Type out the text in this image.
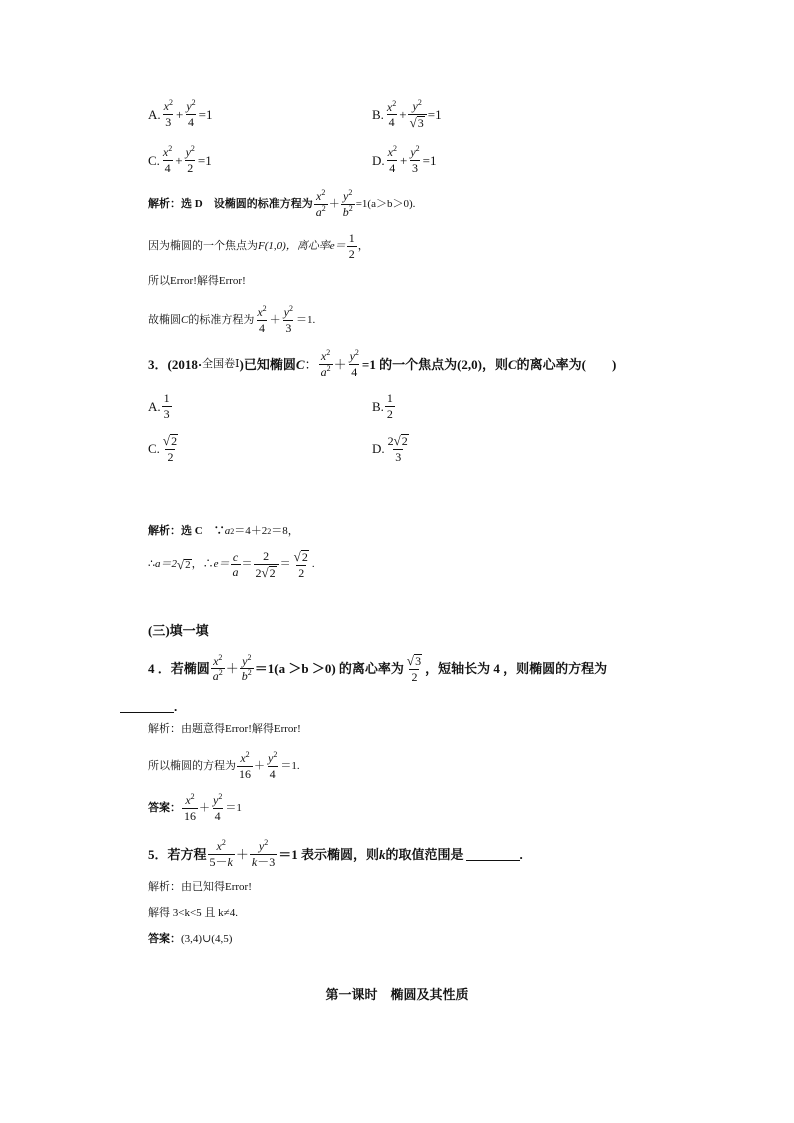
A. $\frac{x^2}{3} + \frac{y^2}{4} =1$	B. $\frac{x^2}{4} + \frac{y^2}{√ 3} =1$
C. $\frac{x^2}{4} + \frac{y^2}{2} =1$	D. $\frac{x^2}{4} + \frac{y^2}{3} =1$
解析：选 D　设椭圆的标准方程为 $\frac{x^2}{a^2} + \frac{y^2}{b^2} =1(a>b>0)$.
因为椭圆的一个焦点为 F(1,0)，离心率 $e= \frac{1}{2}$ ，
所以Error!解得Error!
故椭圆 C 的标准方程为 $\frac{x^2}{4} + \frac{y^2}{3} =1$.
3．(2018· 全国卷Ⅰ )已知椭圆 C ： $\frac{x^2}{a^2} + \frac{y^2}{4} =1$ 的一个焦点为(2,0)，则 C 的离心率为(　　)
A. $\frac{1}{3}$	B. $\frac{1}{2}$
C. $\frac{√ 2}{2}$	D. $\frac{2 √ 2}{3}$
解析：选 C　∵ a 2 ＝4＋2 2 ＝8，
∴ a＝2 √ 2 ，∴ $e= \frac{c}{a} = \frac{2}{2 √ 2} = \frac{√ 2}{2}$ .
(三)填一填
4 ．若椭圆 $\frac{x^2}{a^2} + \frac{y^2}{b^2} =1(a >b >0)$ 的离心率为 $\frac{√ 3}{2}$ ，短轴长为 4 ，则椭圆的方程为
.
解析：由题意得Error!解得Error!
所以椭圆的方程为 $\frac{x^2}{16} + \frac{y^2}{4} =1$.
答案： $\frac{x^2}{16} + \frac{y^2}{4} =1$
5．若方程 $\frac{x^2}{5-k} + \frac{y^2}{k-3} =1$ 表示椭圆，则 k 的取值范围是	.
解析：由已知得Error!
解得 3<k<5 且 k≠4.
答案： (3,4)∪(4,5)
第一课时　椭圆及其性质
